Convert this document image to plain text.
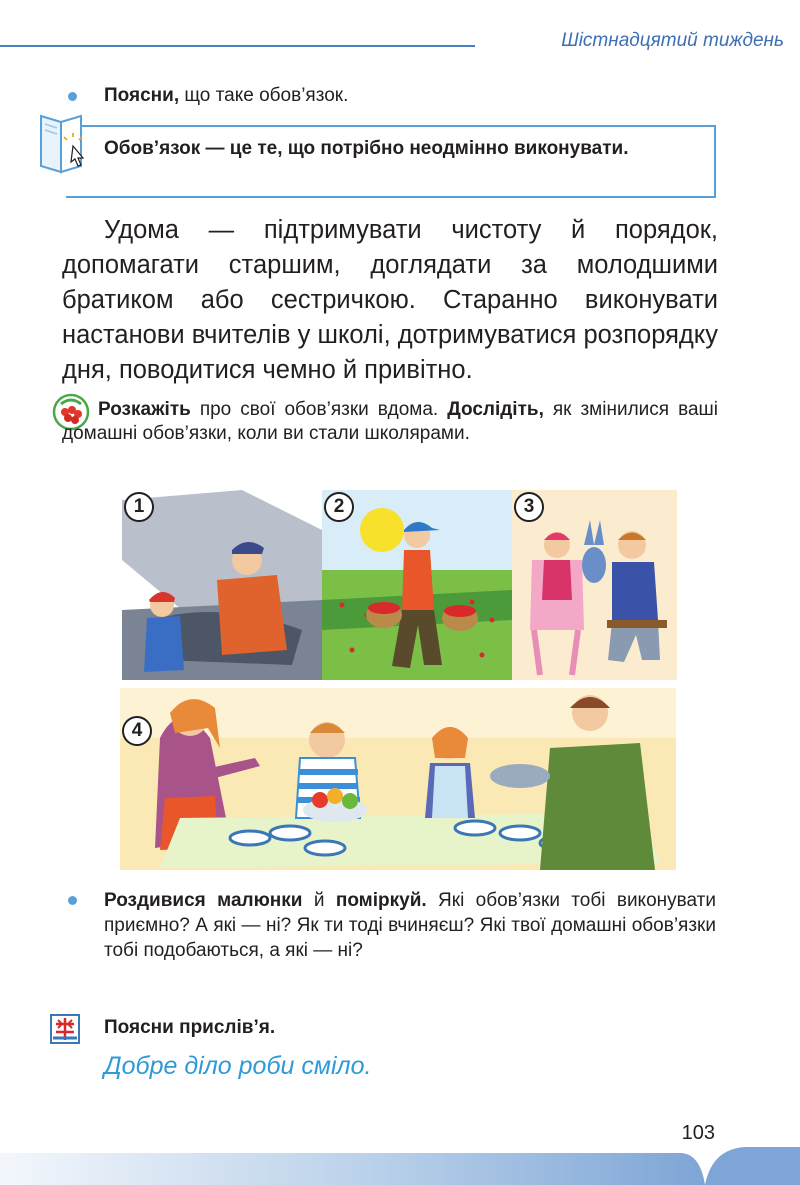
Шістнадцятий тиждень
Поясни, що таке обов’язок.
Обов’язок — це те, що потрібно неодмінно виконувати.
Удома — підтримувати чистоту й порядок, допомагати старшим, доглядати за молодшими братиком або сестричкою. Старанно виконувати настанови вчителів у школі, дотримуватися розпорядку дня, поводитися чемно й привітно.
Розкажіть про свої обов’язки вдома. Дослідіть, як змінилися ваші домашні обов’язки, коли ви стали школярами.
1	2	3
4
Роздивися малюнки й поміркуй. Які обов’язки тобі виконувати приємно? А які — ні? Як ти тоді вчиняєш? Які твої домашні обов’язки тобі подобаються, а які — ні?
Поясни прислів’я.
Добре діло роби сміло.
103
